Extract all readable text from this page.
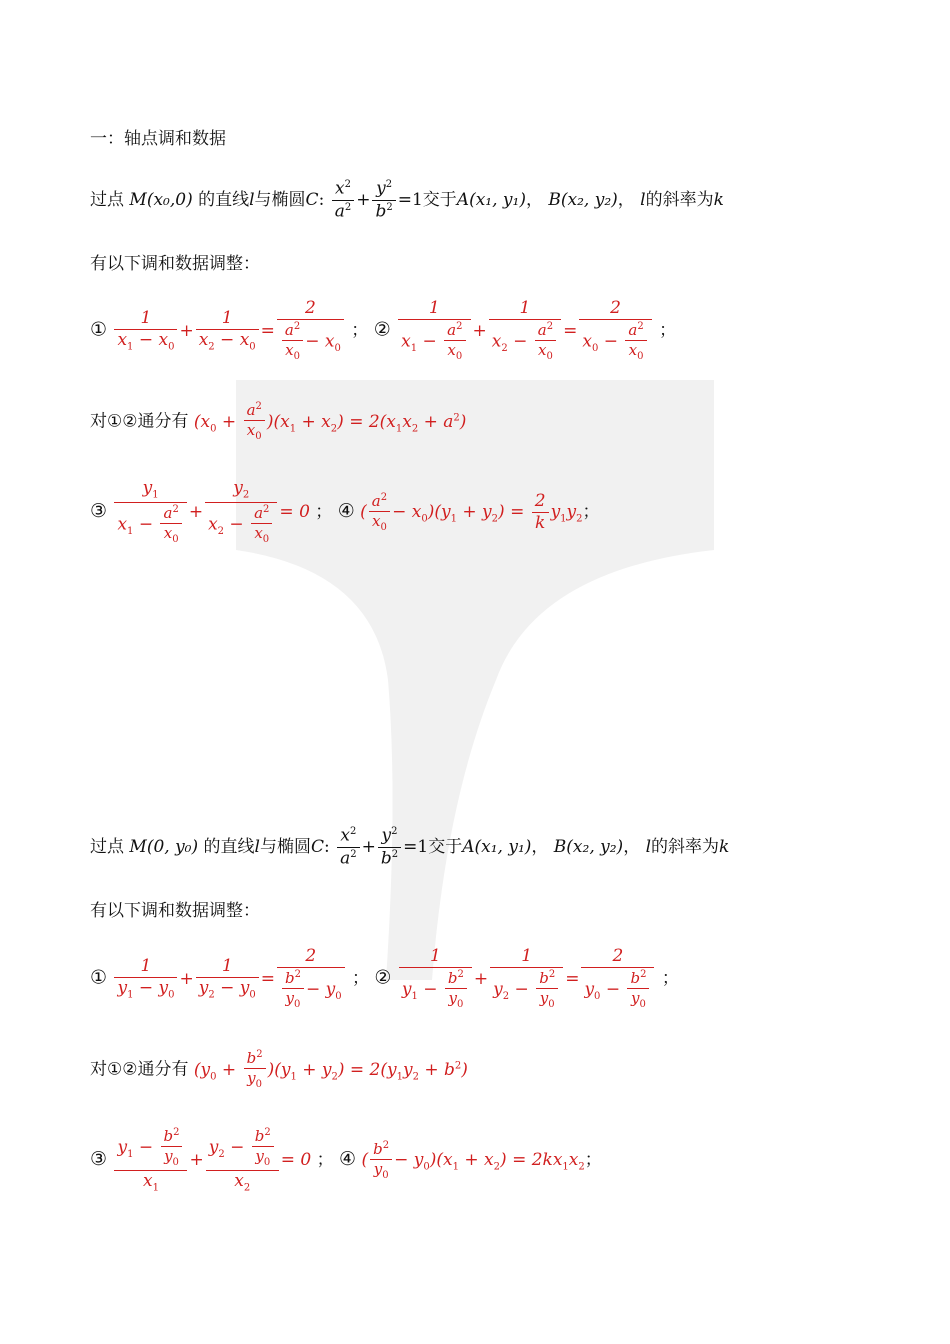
一：轴点调和数据
过点 M(x₀,0) 的直线l与椭圆C: $\frac{x^2}{a^2} + \frac{y^2}{b^2} =1$交于A(x₁, y₁)， B(x₂, y₂)， l的斜率为k
有以下调和数据调整：
① $\frac{1}{x_1 - x_0} + \frac{1}{x_2 - x_0} = \frac{2}{\frac{a^2}{x_0} - x_0}$ ； ② $\frac{1}{x_1 - \frac{a^2}{x_0}} + \frac{1}{x_2 - \frac{a^2}{x_0}} = \frac{2}{x_0 - \frac{a^2}{x_0}}$ ；
对①②通分有 $(x_0 + \frac{a^2}{x_0} )(x_1 + x_2) = 2(x_1x_2 + a^2)$
③ $\frac{y_1}{x_1 - \frac{a^2}{x_0}} + \frac{y_2}{x_2 - \frac{a^2}{x_0}} = 0$ ； ④ ( $\frac{a^2}{x_0} - x_0)(y_1 + y_2) = \frac{2}{k} y_1y_2$；
过点 M(0, y₀) 的直线l与椭圆C: $\frac{x^2}{a^2} + \frac{y^2}{b^2} =1$交于A(x₁, y₁)， B(x₂, y₂)， l的斜率为k
有以下调和数据调整：
① $\frac{1}{y_1 - y_0} + \frac{1}{y_2 - y_0} = \frac{2}{\frac{b^2}{y_0} - y_0}$ ； ② $\frac{1}{y_1 - \frac{b^2}{y_0}} + \frac{1}{y_2 - \frac{b^2}{y_0}} = \frac{2}{y_0 - \frac{b^2}{y_0}}$ ；
对①②通分有 $(y_0 + \frac{b^2}{y_0} )(y_1 + y_2) = 2(y_1y_2 + b^2)$
③ $\frac{y_1 - \frac{b^2}{y_0}}{x_1} + \frac{y_2 - \frac{b^2}{y_0}}{x_2} = 0$ ； ④ ( $\frac{b^2}{y_0} - y_0)(x_1 + x_2) = 2kx_1x_2$；
